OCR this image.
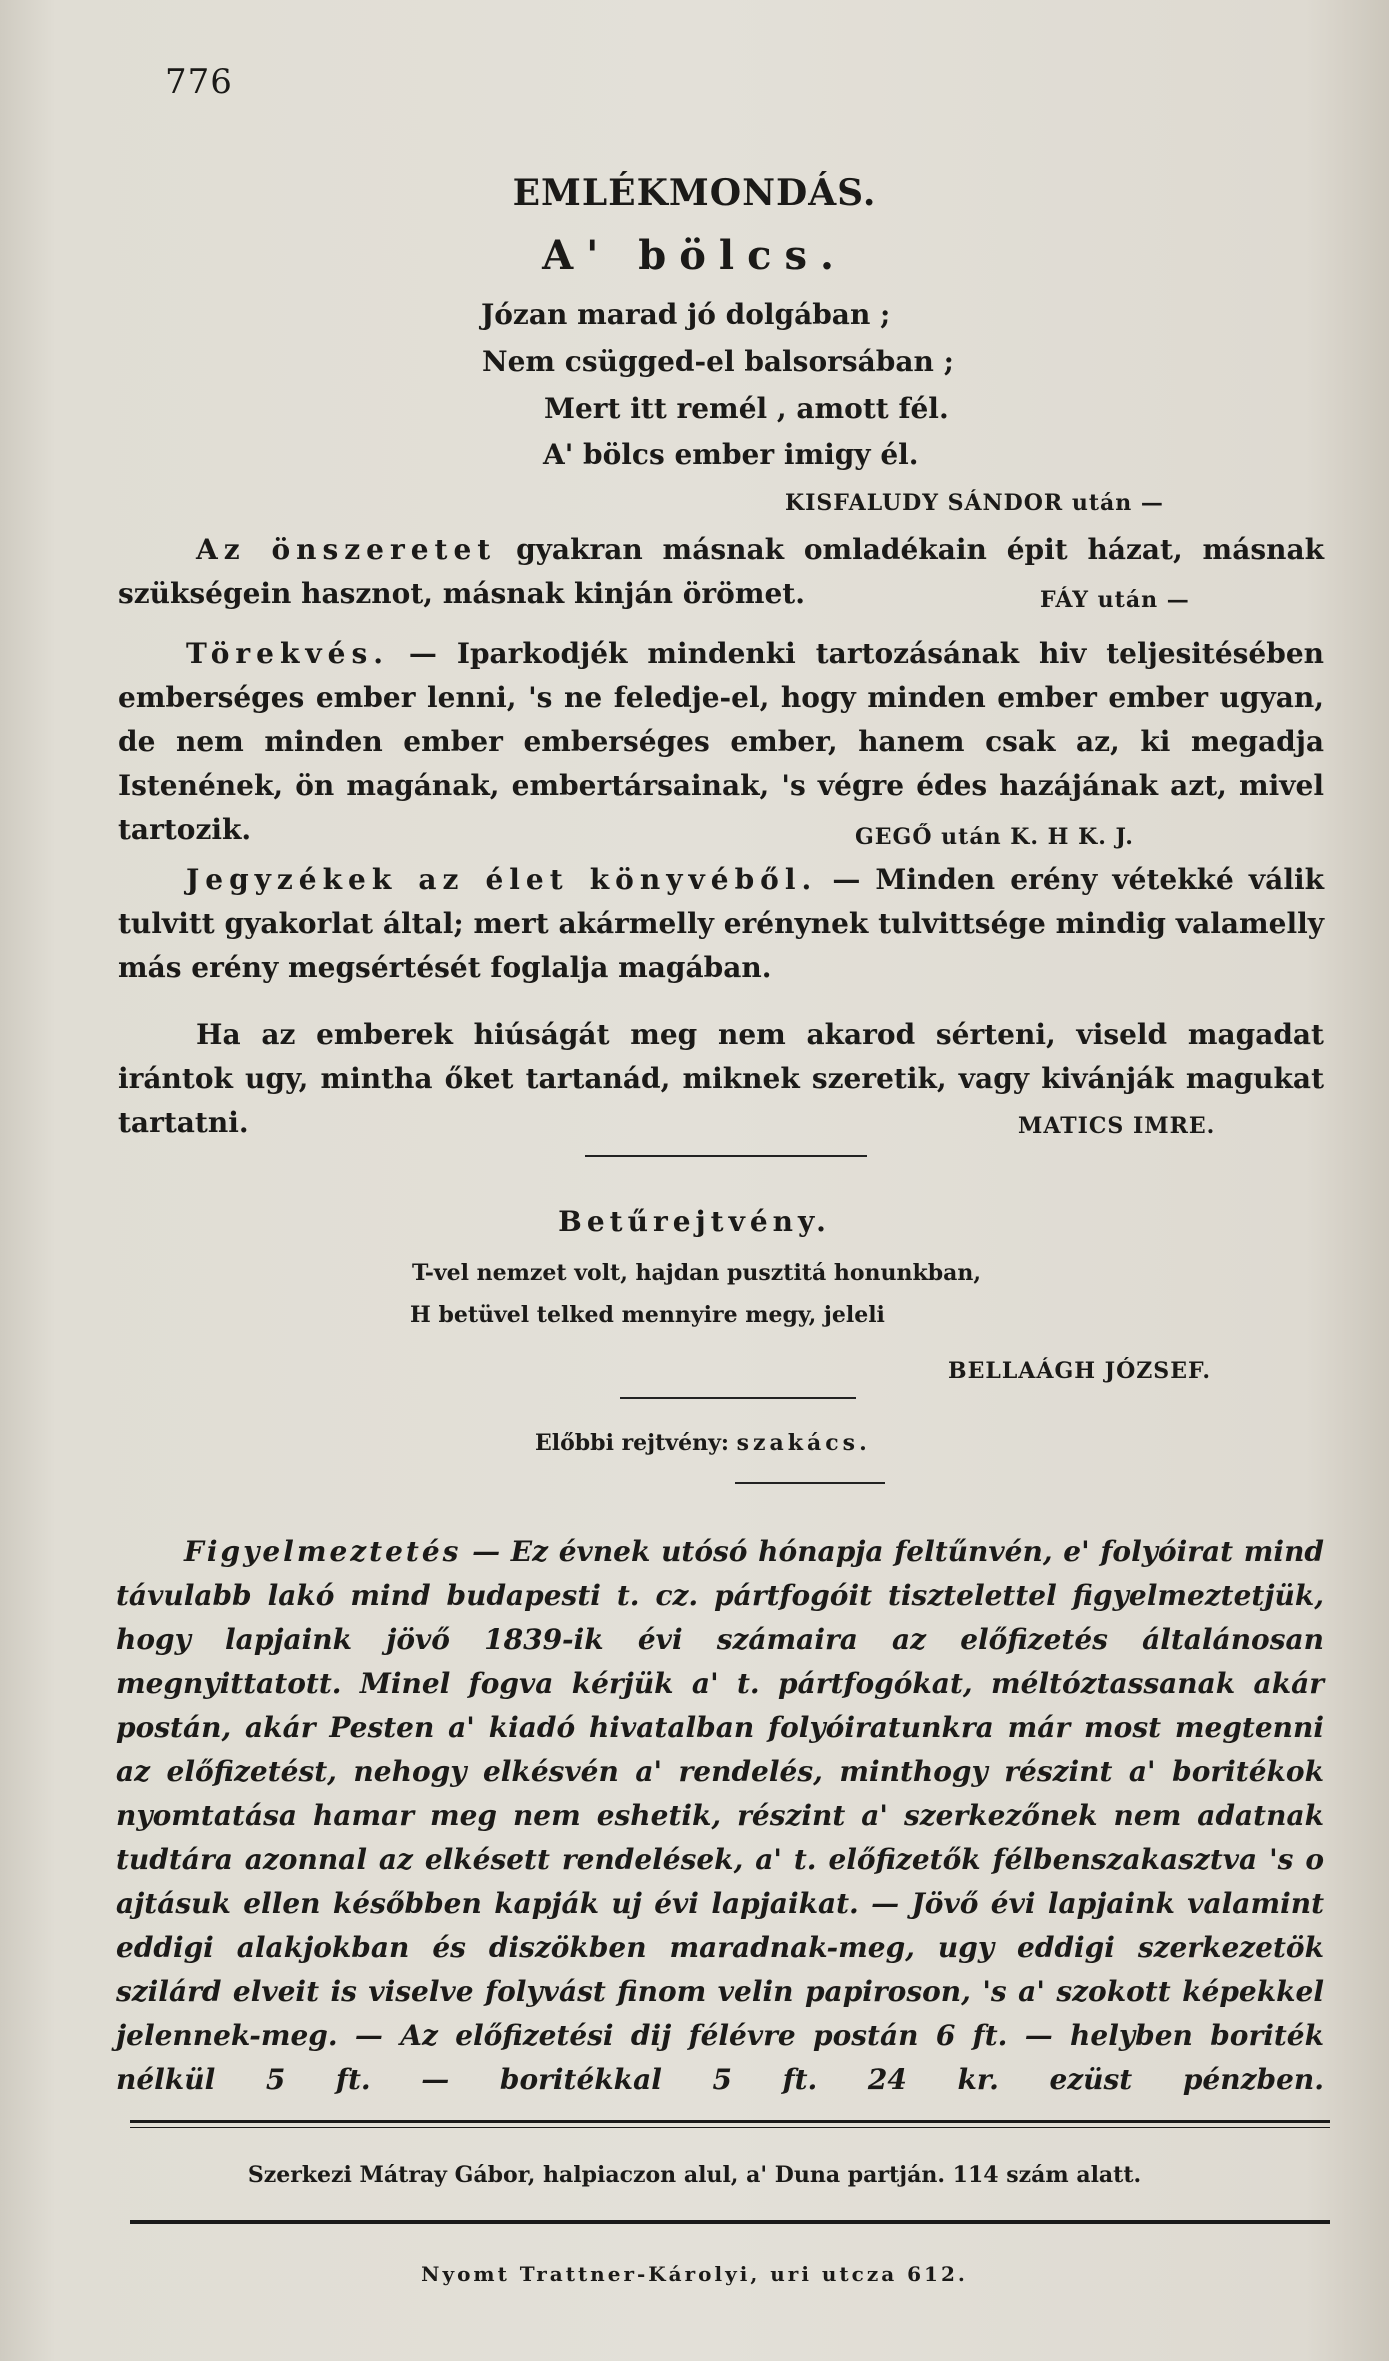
776
EMLÉKMONDÁS.
A' bölcs.
Józan marad jó dolgában ;
Nem csügged-el balsorsában ;
Mert itt remél , amott fél.
A' bölcs ember imigy él.
KISFALUDY SÁNDOR után —
Az önszeretet gyakran másnak omladékain épit házat, másnak szükségein hasznot, másnak kinján örömet.	FÁY után —
Törekvés. — Iparkodjék mindenki tartozásának hiv teljesitésében emberséges ember lenni, 's ne feledje-el, hogy minden ember ember ugyan, de nem minden ember emberséges ember, hanem csak az, ki megadja Istenének, ön magának, embertársainak, 's végre édes hazájának azt, mivel tartozik.	GEGŐ után K. H K. J.
Jegyzékek az élet könyvéből. — Minden erény vétekké válik tulvitt gyakorlat által; mert akármelly erénynek tulvittsége mindig valamelly más erény megsértését foglalja magában.
Ha az emberek hiúságát meg nem akarod sérteni, viseld magadat irántok ugy, mintha őket tartanád, miknek szeretik, vagy kivánják magukat tartatni.	MATICS IMRE.
Betűrejtvény.
T-vel nemzet volt, hajdan pusztitá honunkban,
H betüvel telked mennyire megy, jeleli
BELLAÁGH JÓZSEF.
Előbbi rejtvény: szakács.
Figyelmeztetés — Ez évnek utósó hónapja feltűnvén, e' folyóirat mind távulabb lakó mind budapesti t. cz. pártfogóit tisztelettel figyelmeztetjük, hogy lapjaink jövő 1839-ik évi számaira az előfizetés általánosan megnyittatott. Minel fogva kérjük a' t. pártfogókat, méltóztassanak akár postán, akár Pesten a' kiadó hivatalban folyóiratunkra már most megtenni az előfizetést, nehogy elkésvén a' rendelés, minthogy részint a' boritékok nyomtatása hamar meg nem eshetik, részint a' szerkezőnek nem adatnak tudtára azonnal az elkésett rendelések, a' t. előfizetők félbenszakasztva 's o ajtásuk ellen későbben kapják uj évi lapjaikat. — Jövő évi lapjaink valamint eddigi alakjokban és diszökben maradnak-meg, ugy eddigi szerkezetök szilárd elveit is viselve folyvást finom velin papiroson, 's a' szokott képekkel jelennek-meg. — Az előfizetési dij félévre postán 6 ft. — helyben boriték nélkül 5 ft. — boritékkal 5 ft. 24 kr. ezüst pénzben.
Szerkezi Mátray Gábor, halpiaczon alul, a' Duna partján. 114 szám alatt.
Nyomt Trattner-Károlyi, uri utcza 612.
